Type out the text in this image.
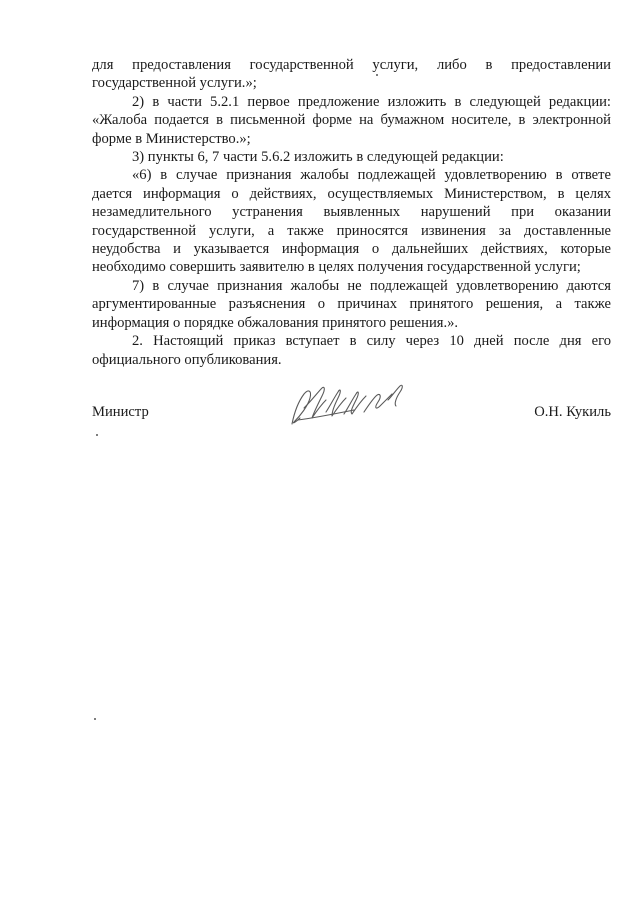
для предоставления государственной услуги, либо в предоставлении государственной услуги.»;

2) в части 5.2.1 первое предложение изложить в следующей редакции: «Жалоба подается в письменной форме на бумажном носителе, в электронной форме в Министерство.»;

3) пункты 6, 7 части 5.6.2 изложить в следующей редакции:

«6) в случае признания жалобы подлежащей удовлетворению в ответе дается информация о действиях, осуществляемых Министерством, в целях незамедлительного устранения выявленных нарушений при оказании государственной услуги, а также приносятся извинения за доставленные неудобства и указывается информация о дальнейших действиях, которые необходимо совершить заявителю в целях получения государственной услуги;

7) в случае признания жалобы не подлежащей удовлетворению даются аргументированные разъяснения о причинах принятого решения, а также информация о порядке обжалования принятого решения.».

2. Настоящий приказ вступает в силу через 10 дней после дня его официального опубликования.

Министр	О.Н. Кукиль
